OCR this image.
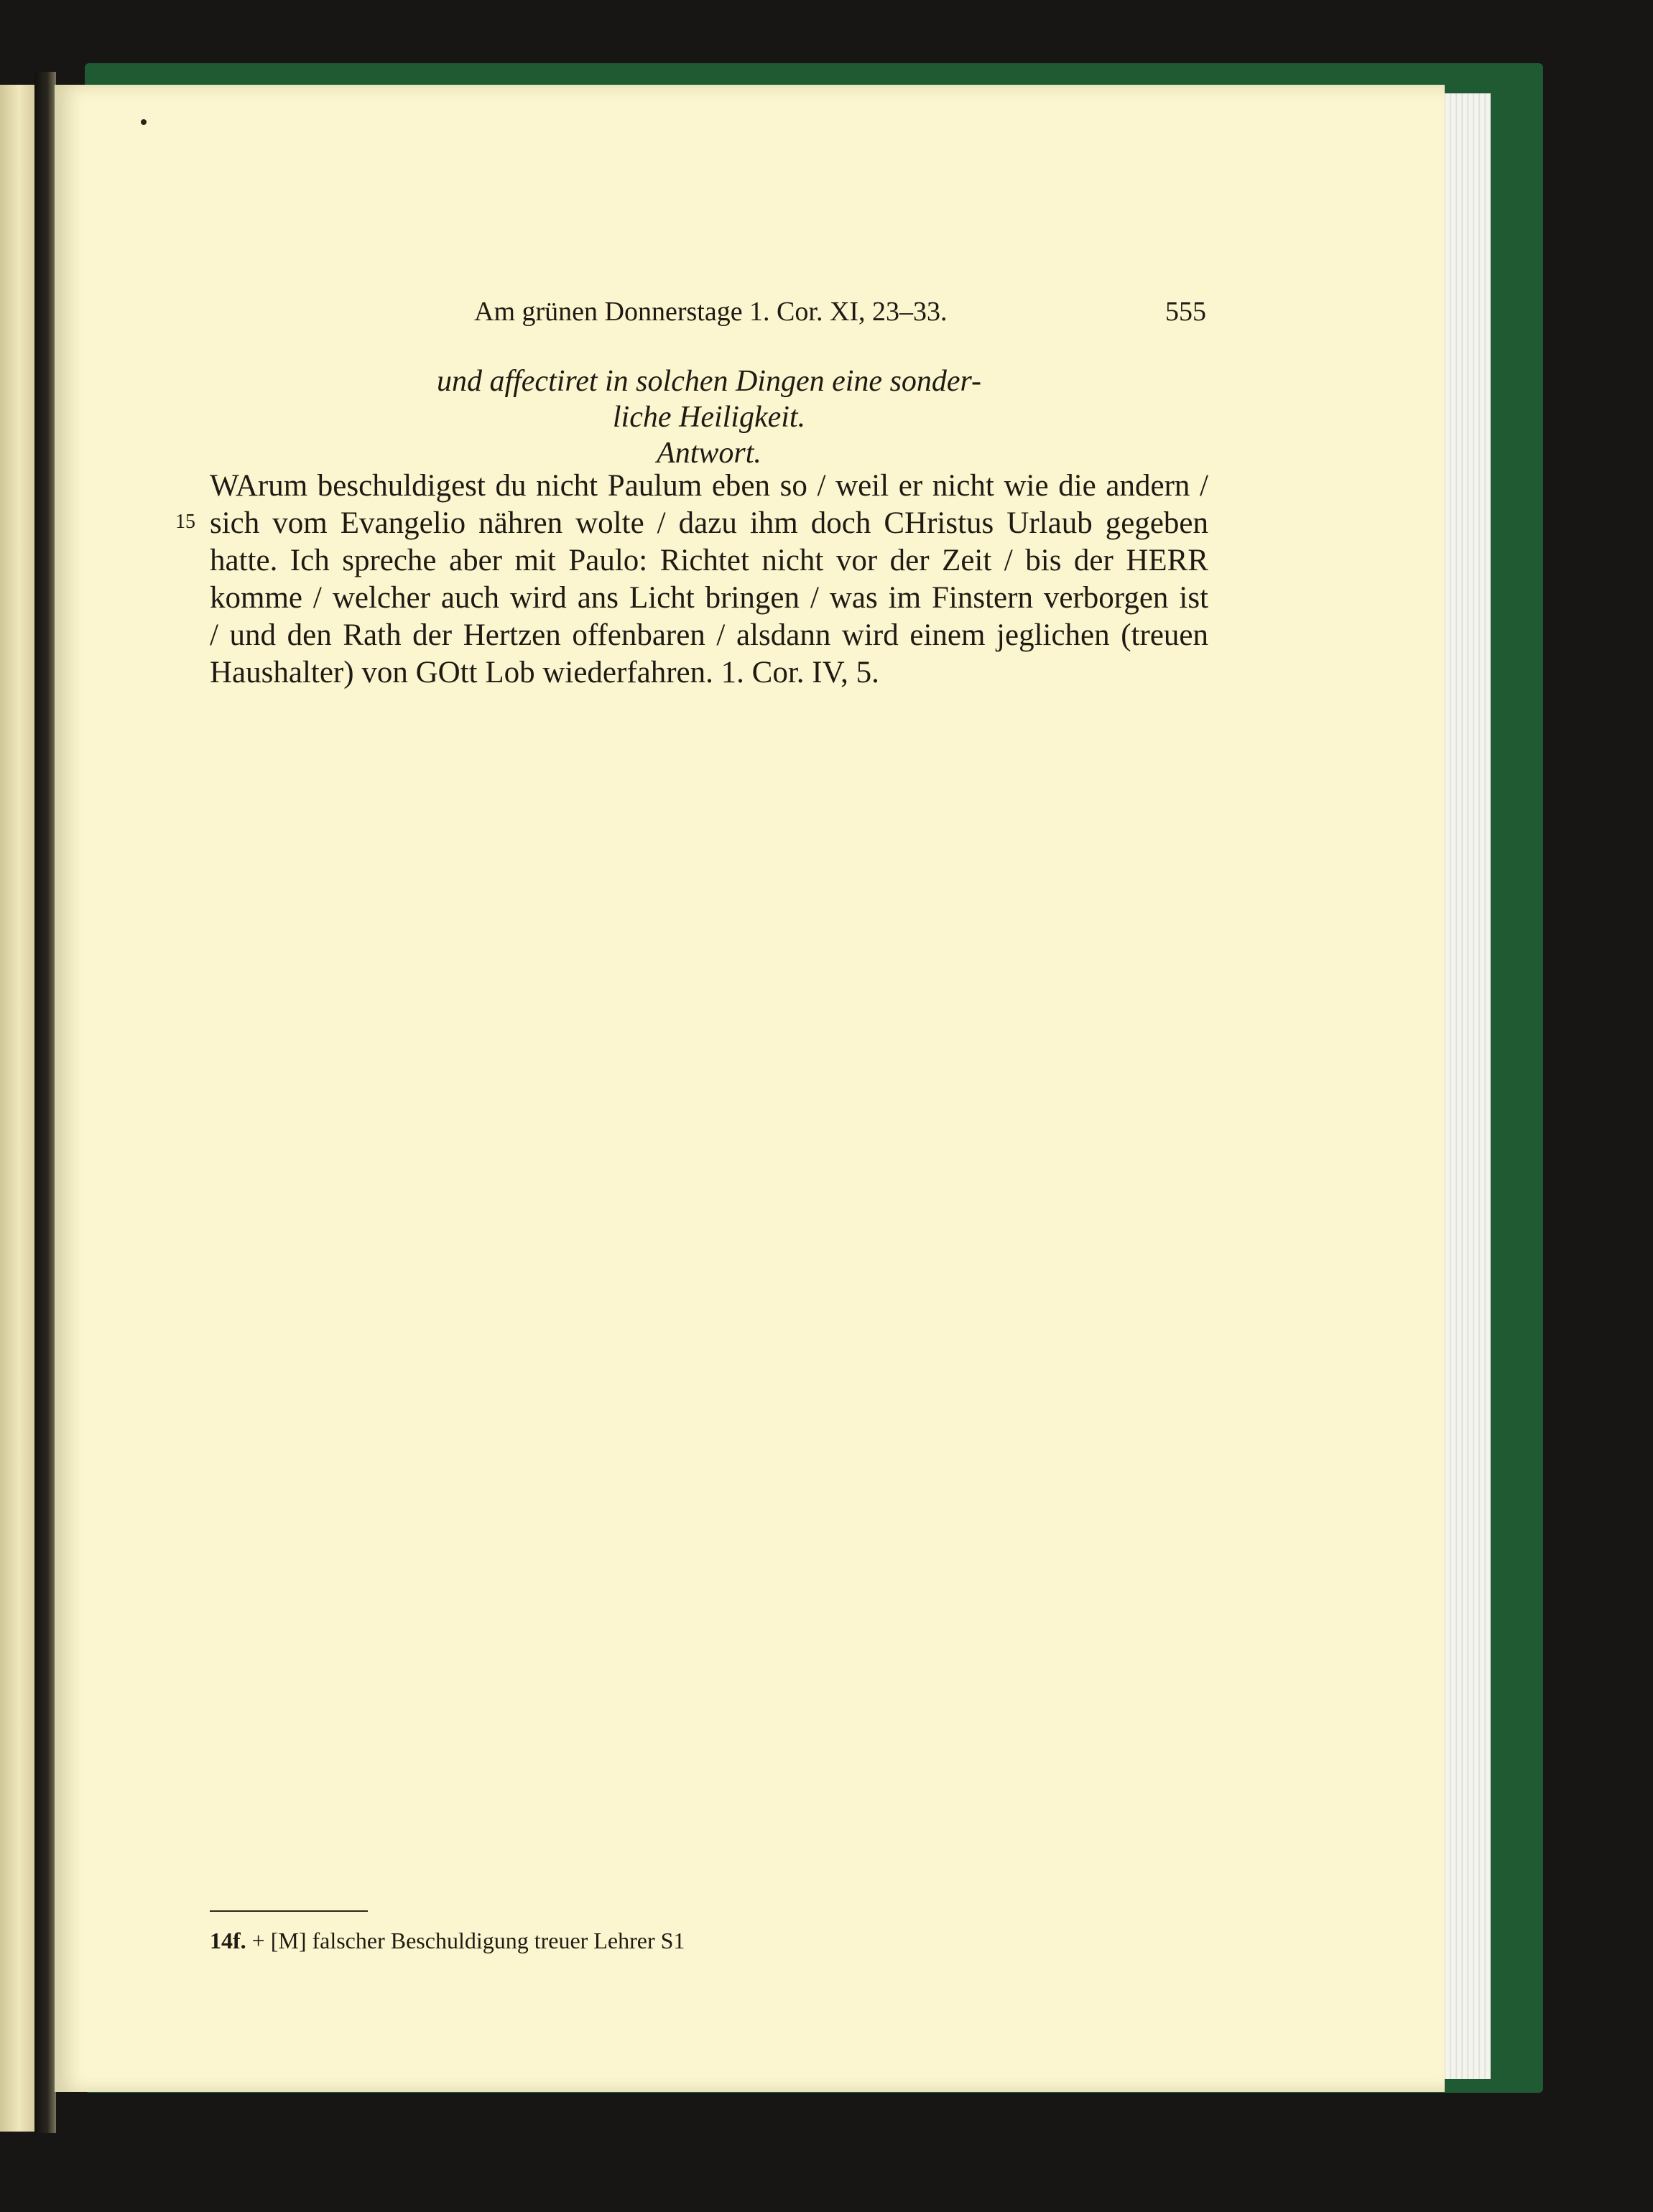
Am grünen Donnerstage 1. Cor. XI, 23–33.	555
und affectiret in solchen Dingen eine sonder-
liche Heiligkeit.
Antwort.
15
WArum beschuldigest du nicht Paulum eben so / weil er nicht wie die andern /
sich vom Evangelio nähren wolte / dazu ihm doch CHristus Urlaub gegeben
hatte. Ich spreche aber mit Paulo: Richtet nicht vor der Zeit / bis der HERR
komme / welcher auch wird ans Licht bringen / was im Finstern verborgen ist
/ und den Rath der Hertzen offenbaren / alsdann wird einem jeglichen (treuen
Haushalter) von GOtt Lob wiederfahren. 1. Cor. IV, 5.
14f. + [M] falscher Beschuldigung treuer Lehrer S1
